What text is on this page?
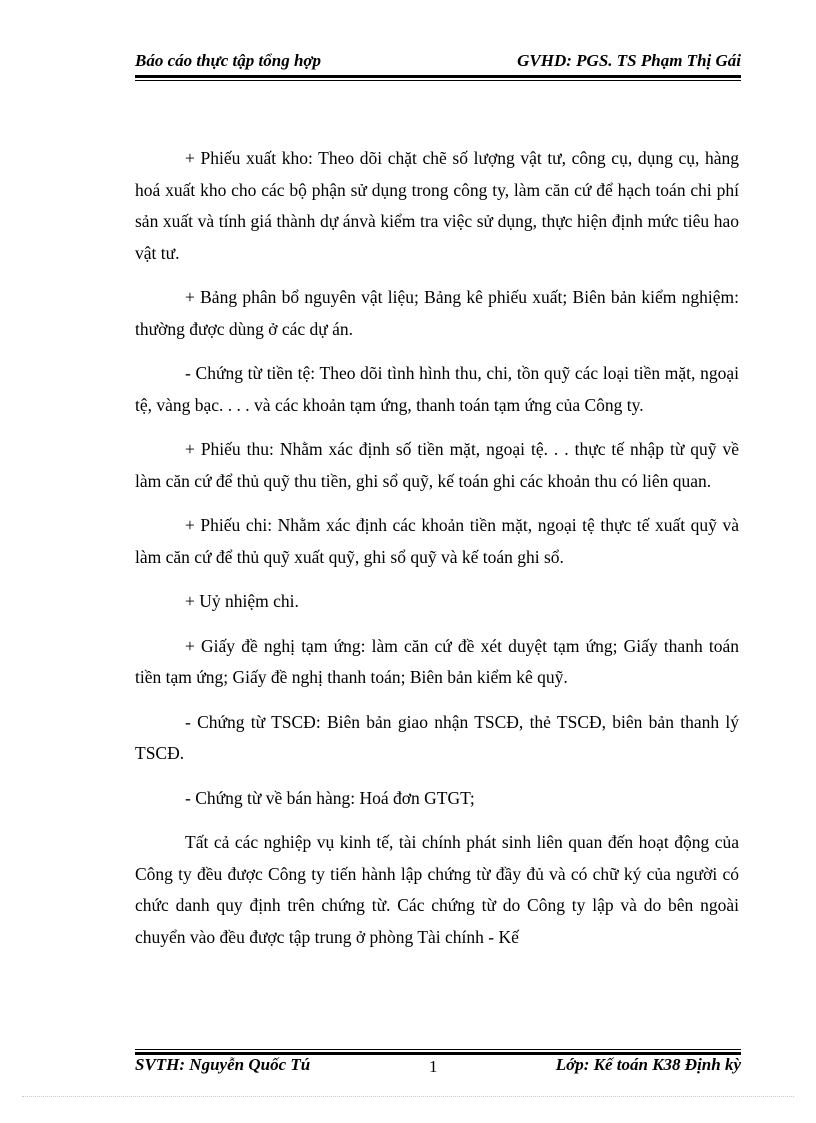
Báo cáo thực tập tổng hợp	GVHD: PGS. TS Phạm Thị Gái

+ Phiếu xuất kho: Theo dõi chặt chẽ số lượng vật tư, công cụ, dụng cụ, hàng hoá xuất kho cho các bộ phận sử dụng trong công ty, làm căn cứ để hạch toán chi phí sản xuất và tính giá thành dự ánvà kiểm tra việc sử dụng, thực hiện định mức tiêu hao vật tư.

+ Bảng phân bổ nguyên vật liệu; Bảng kê phiếu xuất; Biên bản kiểm nghiệm: thường được dùng ở các dự án.

- Chứng từ tiền tệ: Theo dõi tình hình thu, chi, tồn quỹ các loại tiền mặt, ngoại tệ, vàng bạc. . . . và các khoản tạm ứng, thanh toán tạm ứng của Công ty.

+ Phiếu thu: Nhằm xác định số tiền mặt, ngoại tệ. . . thực tế nhập từ quỹ về làm căn cứ để thủ quỹ thu tiền, ghi sổ quỹ, kế toán ghi các khoản thu có liên quan.

+ Phiếu chi: Nhằm xác định các khoản tiền mặt, ngoại tệ thực tế xuất quỹ và làm căn cứ để thủ quỹ xuất quỹ, ghi sổ quỹ và kế toán ghi sổ.

+ Uỷ nhiệm chi.

+ Giấy đề nghị tạm ứng: làm căn cứ đề xét duyệt tạm ứng; Giấy thanh toán tiền tạm ứng; Giấy đề nghị thanh toán; Biên bản kiểm kê quỹ.

- Chứng từ TSCĐ: Biên bản giao nhận TSCĐ, thẻ TSCĐ, biên bản thanh lý TSCĐ.

- Chứng từ về bán hàng: Hoá đơn GTGT;

Tất cả các nghiệp vụ kinh tế, tài chính phát sinh liên quan đến hoạt động của Công ty đều được Công ty tiến hành lập chứng từ đầy đủ và có chữ ký của người có chức danh quy định trên chứng từ. Các chứng từ do Công ty lập và do bên ngoài chuyển vào đều được tập trung ở phòng Tài chính - Kế

SVTH: Nguyễn Quốc Tú	1	Lớp: Kế toán K38 Định kỳ
